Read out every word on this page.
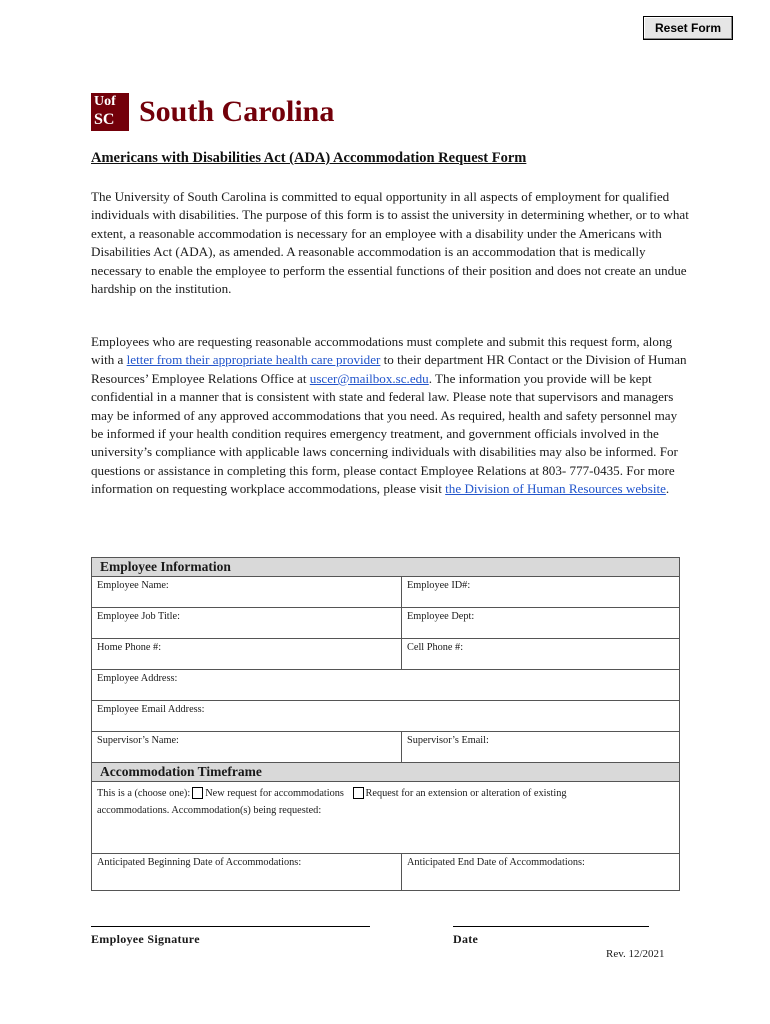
Reset Form
Uof
SC South Carolina
Americans with Disabilities Act (ADA) Accommodation Request Form

The University of South Carolina is committed to equal opportunity in all aspects of employment for qualified individuals with disabilities. The purpose of this form is to assist the university in determining whether, or to what extent, a reasonable accommodation is necessary for an employee with a disability under the Americans with Disabilities Act (ADA), as amended. A reasonable accommodation is an accommodation that is medically necessary to enable the employee to perform the essential functions of their position and does not create an undue hardship on the institution.

Employees who are requesting reasonable accommodations must complete and submit this request form, along with a letter from their appropriate health care provider to their department HR Contact or the Division of Human Resources’ Employee Relations Office at uscer@mailbox.sc.edu. The information you provide will be kept confidential in a manner that is consistent with state and federal law. Please note that supervisors and managers may be informed of any approved accommodations that you need. As required, health and safety personnel may be informed if your health condition requires emergency treatment, and government officials involved in the university’s compliance with applicable laws concerning individuals with disabilities may also be informed. For questions or assistance in completing this form, please contact Employee Relations at 803- 777-0435. For more information on requesting workplace accommodations, please visit the Division of Human Resources website.

Employee Information	
Employee Name:	Employee ID#:
Employee Job Title:	Employee Dept:
Home Phone #:	Cell Phone #:
Employee Address:	
Employee Email Address:	
Supervisor’s Name:	Supervisor’s Email:
Accommodation Timeframe
This is a (choose one): New request for accommodations Request for an extension or alteration of existing
accommodations. Accommodation(s) being requested:
Anticipated Beginning Date of Accommodations:	Anticipated End Date of Accommodations:
Employee Signature	Date
Rev. 12/2021
